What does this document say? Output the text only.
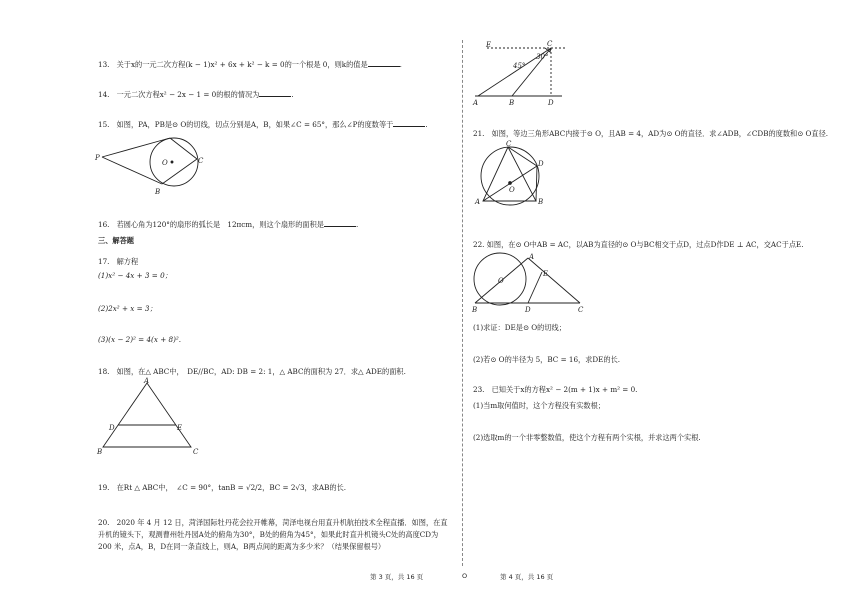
13.　关于x的一元二次方程(k − 1)x² + 6x + k² − k = 0的一个根是 0，则k的值是	.
14.　一元二次方程x² − 2x − 1 = 0的根的情况为	.
15.　如图，PA，PB是⊙ O的切线，切点分别是A，B，如果∠C = 65°，那么∠P的度数等于	.
P
O	C
B
16.　若圆心角为120°的扇形的弧长是　12πcm，则这个扇形的面积是	.
三、解答题
17.　解方程
(1)x² − 4x + 3 = 0；
(2)2x² + x = 3；
(3)(x − 2)² = 4(x + 8)².
18.　如图，在△ ABC中，　DE//BC，AD: DB = 2: 1，△ ABC的面积为 27．求△ ADE的面积.
A
D	E
B	C
19.　在Rt △ ABC中，　∠C = 90°，tanB = √2/2，BC = 2√3，求AB的长.
20.　2020 年 4 月 12 日，菏泽国际牡丹花会拉开帷幕，菏泽电视台用直升机航拍技术全程直播．如图，在直
升机的镜头下，观测曹州牡丹园A处的俯角为30°，B处的俯角为45°，如果此时直升机镜头C处的高度CD为
200 米，点A，B，D在同一条直线上，则A，B两点间的距离为多少米？（结果保留根号）
E	C
30°
45°
A	B	D
21.　如图，等边三角形ABC内接于⊙ O，且AB = 4，AD为⊙ O的直径．求∠ADB，∠CDB的度数和⊙ O直径.
C
D
O
A	B
22. 如图，在⊙ O中AB = AC，以AB为直径的⊙ O与BC相交于点D，过点D作DE ⊥ AC，交AC于点E.
A
E
O
B	D	C
(1)求证：DE是⊙ O的切线；
(2)若⊙ O的半径为 5，BC = 16，求DE的长.
23.　已知关于x的方程x² − 2(m + 1)x + m² = 0.
(1)当m取何值时，这个方程没有实数根；
(2)选取m的一个非零整数值，使这个方程有两个实根，并求这两个实根.
第 3 页，共 16 页	O	第 4 页，共 16 页
